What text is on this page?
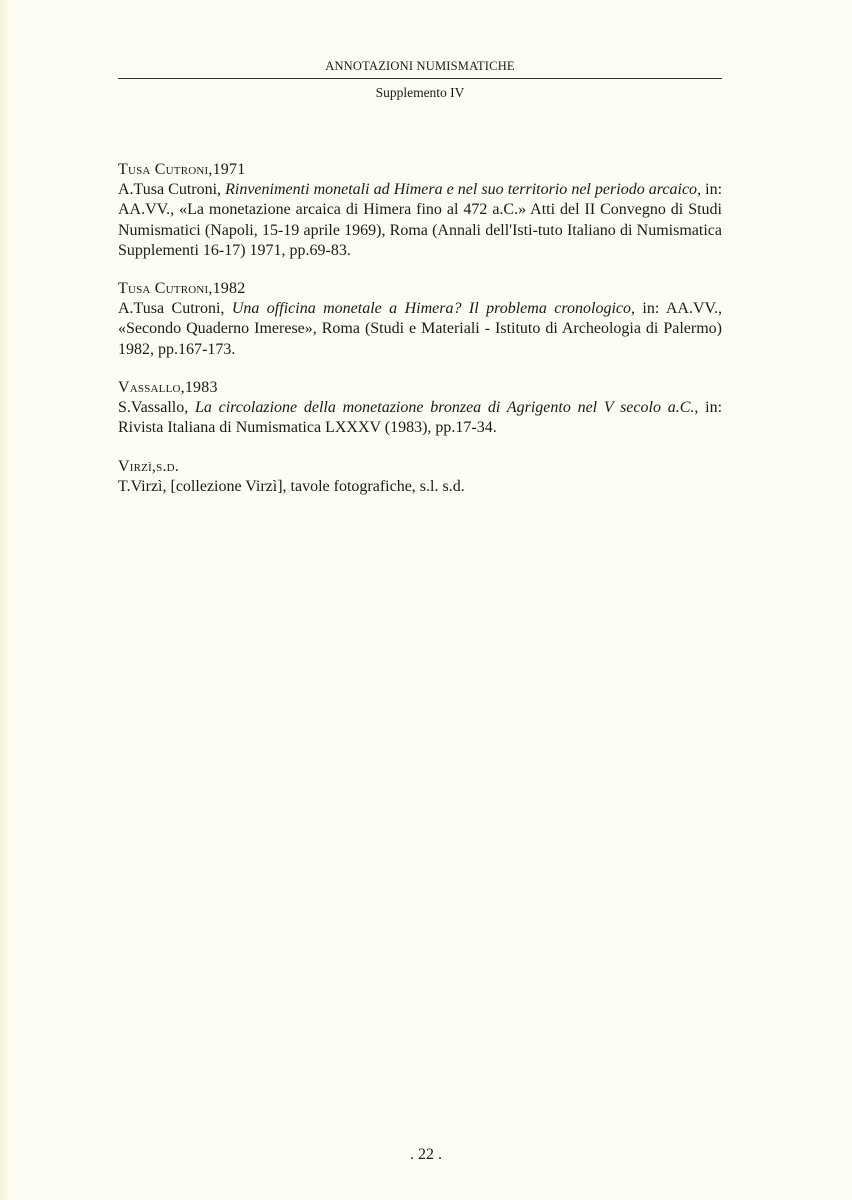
ANNOTAZIONI NUMISMATICHE
Supplemento IV
Tusa Cutroni,1971
A.Tusa Cutroni, Rinvenimenti monetali ad Himera e nel suo territorio nel periodo arcaico, in: AA.VV., «La monetazione arcaica di Himera fino al 472 a.C.» Atti del II Convegno di Studi Numismatici (Napoli, 15-19 aprile 1969), Roma (Annali dell'Isti-tuto Italiano di Numismatica Supplementi 16-17) 1971, pp.69-83.
Tusa Cutroni,1982
A.Tusa Cutroni, Una officina monetale a Himera? Il problema cronologico, in: AA.VV., «Secondo Quaderno Imerese», Roma (Studi e Materiali - Istituto di Archeologia di Palermo) 1982, pp.167-173.
Vassallo,1983
S.Vassallo, La circolazione della monetazione bronzea di Agrigento nel V secolo a.C., in: Rivista Italiana di Numismatica LXXXV (1983), pp.17-34.
Virzì,s.d.
T.Virzì, [collezione Virzì], tavole fotografiche, s.l. s.d.
. 22 .
